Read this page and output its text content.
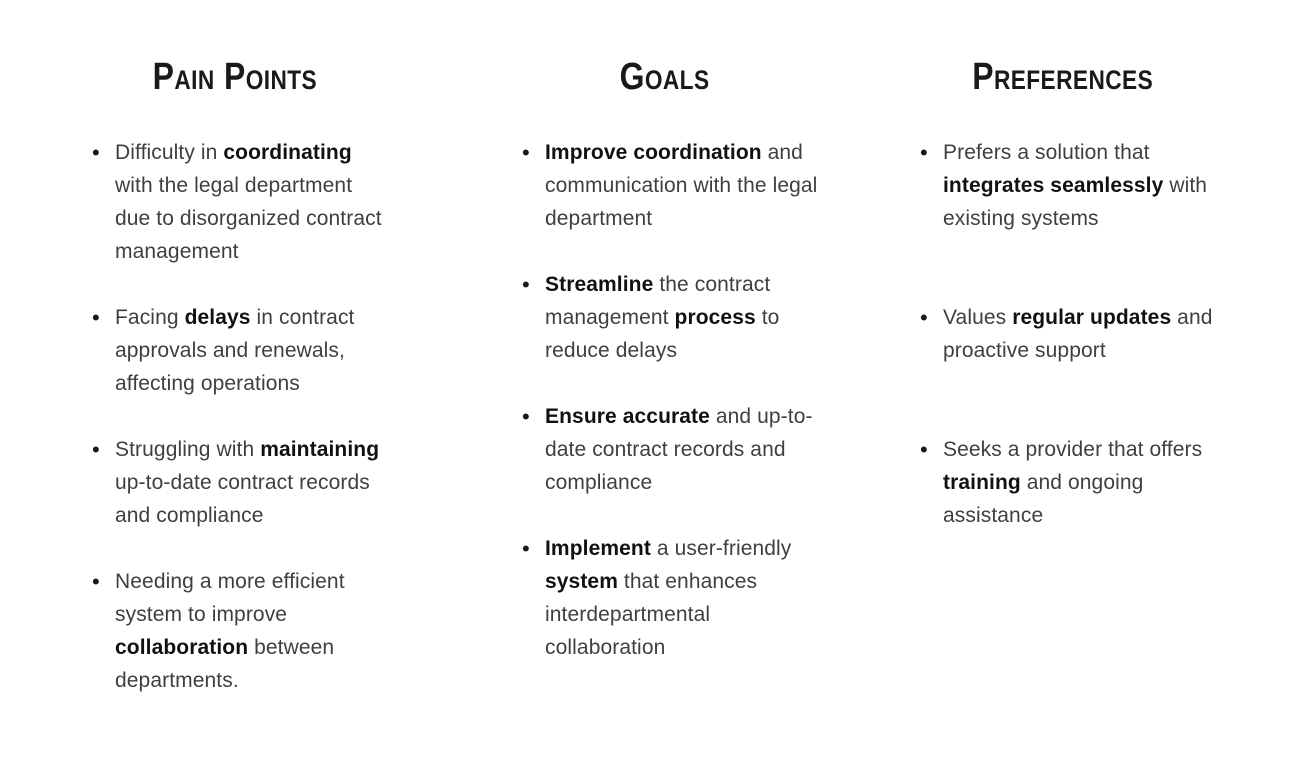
Pain Points
• Difficulty in coordinating with the legal department due to disorganized contract management
• Facing delays in contract approvals and renewals, affecting operations
• Struggling with maintaining up-to-date contract records and compliance
• Needing a more efficient system to improve collaboration between departments.
Goals
• Improve coordination and communication with the legal department
• Streamline the contract management process to reduce delays
• Ensure accurate and up-to-date contract records and compliance
• Implement a user-friendly system that enhances interdepartmental collaboration
Preferences
• Prefers a solution that integrates seamlessly with existing systems
• Values regular updates and proactive support
• Seeks a provider that offers training and ongoing assistance
